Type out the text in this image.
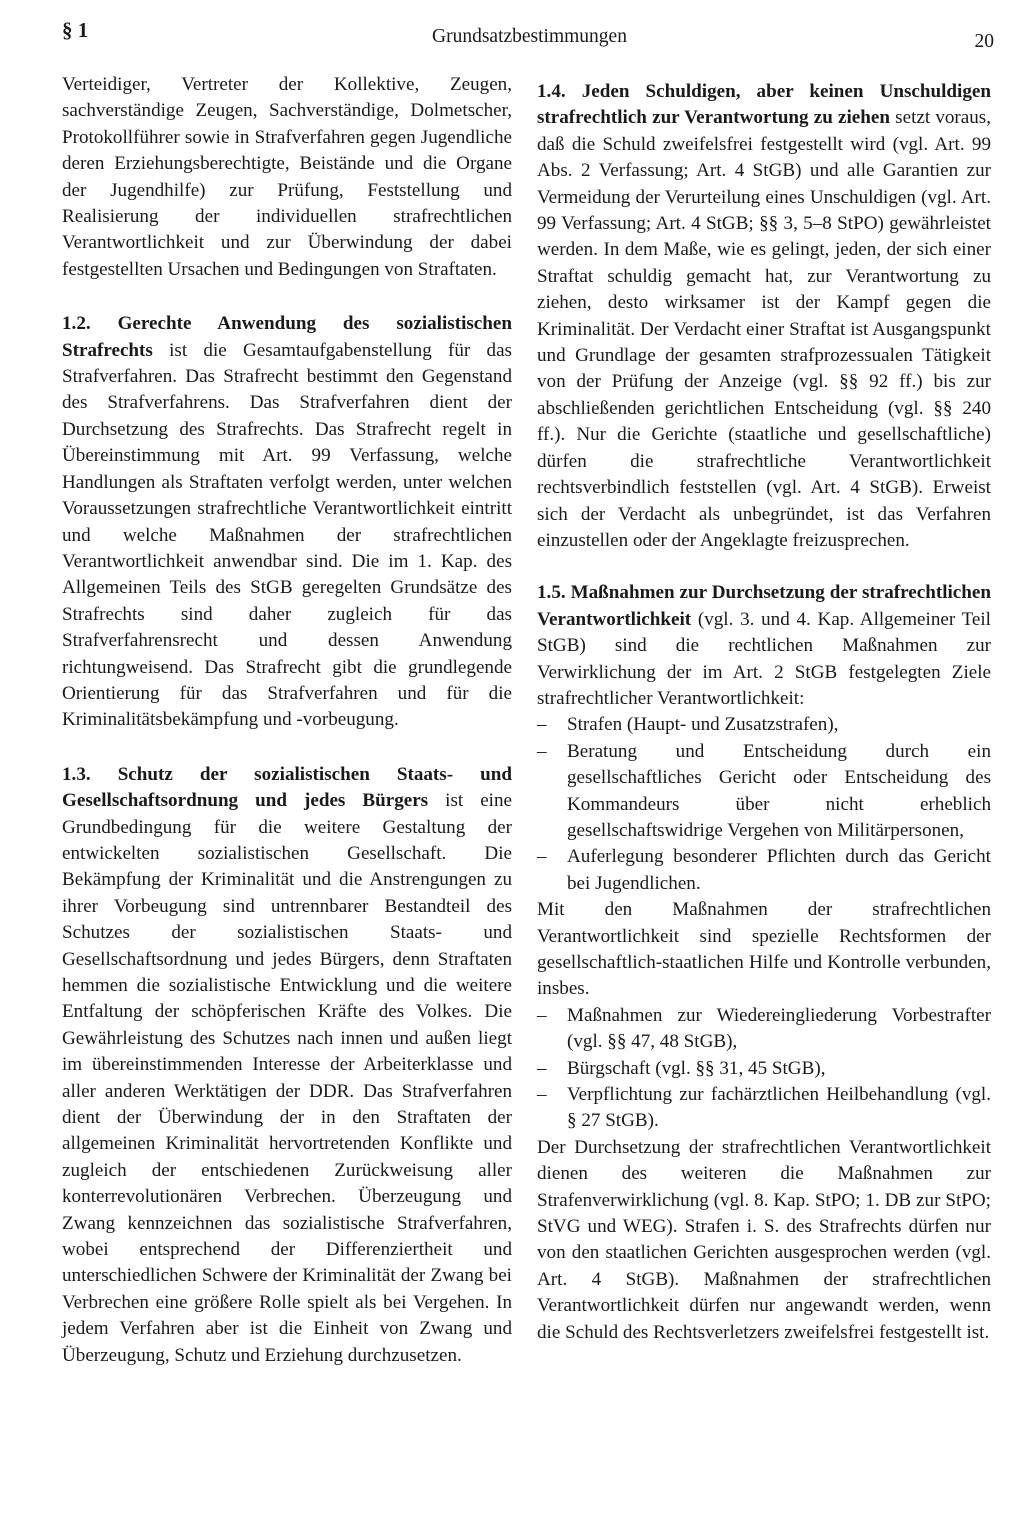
§ 1	Grundsatzbestimmungen	20

Verteidiger, Vertreter der Kollektive, Zeugen, sachverständige Zeugen, Sachverständige, Dolmetscher, Protokollführer sowie in Strafverfahren gegen Jugendliche deren Erziehungsberechtigte, Beistände und die Organe der Jugendhilfe) zur Prüfung, Feststellung und Realisierung der individuellen strafrechtlichen Verantwortlichkeit und zur Überwindung der dabei festgestellten Ursachen und Bedingungen von Straftaten.

1.2. Gerechte Anwendung des sozialistischen Strafrechts ist die Gesamtaufgabenstellung für das Strafverfahren. Das Strafrecht bestimmt den Gegenstand des Strafverfahrens. Das Strafverfahren dient der Durchsetzung des Strafrechts. Das Strafrecht regelt in Übereinstimmung mit Art. 99 Verfassung, welche Handlungen als Straftaten verfolgt werden, unter welchen Voraussetzungen strafrechtliche Verantwortlichkeit eintritt und welche Maßnahmen der strafrechtlichen Verantwortlichkeit anwendbar sind. Die im 1. Kap. des Allgemeinen Teils des StGB geregelten Grundsätze des Strafrechts sind daher zugleich für das Strafverfahrensrecht und dessen Anwendung richtungweisend. Das Strafrecht gibt die grundlegende Orientierung für das Strafverfahren und für die Kriminalitätsbekämpfung und -vorbeugung.

1.3. Schutz der sozialistischen Staats- und Gesellschaftsordnung und jedes Bürgers ist eine Grundbedingung für die weitere Gestaltung der entwickelten sozialistischen Gesellschaft. Die Bekämpfung der Kriminalität und die Anstrengungen zu ihrer Vorbeugung sind untrennbarer Bestandteil des Schutzes der sozialistischen Staats- und Gesellschaftsordnung und jedes Bürgers, denn Straftaten hemmen die sozialistische Entwicklung und die weitere Entfaltung der schöpferischen Kräfte des Volkes. Die Gewährleistung des Schutzes nach innen und außen liegt im übereinstimmenden Interesse der Arbeiterklasse und aller anderen Werktätigen der DDR. Das Strafverfahren dient der Überwindung der in den Straftaten der allgemeinen Kriminalität hervortretenden Konflikte und zugleich der entschiedenen Zurückweisung aller konterrevolutionären Verbrechen. Überzeugung und Zwang kennzeichnen das sozialistische Strafverfahren, wobei entsprechend der Differenziertheit und unterschiedlichen Schwere der Kriminalität der Zwang bei Verbrechen eine größere Rolle spielt als bei Vergehen. In jedem Verfahren aber ist die Einheit von Zwang und Überzeugung, Schutz und Erziehung durchzusetzen.

1.4. Jeden Schuldigen, aber keinen Unschuldigen strafrechtlich zur Verantwortung zu ziehen setzt voraus, daß die Schuld zweifelsfrei festgestellt wird (vgl. Art. 99 Abs. 2 Verfassung; Art. 4 StGB) und alle Garantien zur Vermeidung der Verurteilung eines Unschuldigen (vgl. Art. 99 Verfassung; Art. 4 StGB; §§ 3, 5–8 StPO) gewährleistet werden. In dem Maße, wie es gelingt, jeden, der sich einer Straftat schuldig gemacht hat, zur Verantwortung zu ziehen, desto wirksamer ist der Kampf gegen die Kriminalität. Der Verdacht einer Straftat ist Ausgangspunkt und Grundlage der gesamten strafprozessualen Tätigkeit von der Prüfung der Anzeige (vgl. §§ 92 ff.) bis zur abschließenden gerichtlichen Entscheidung (vgl. §§ 240 ff.). Nur die Gerichte (staatliche und gesellschaftliche) dürfen die strafrechtliche Verantwortlichkeit rechtsverbindlich feststellen (vgl. Art. 4 StGB). Erweist sich der Verdacht als unbegründet, ist das Verfahren einzustellen oder der Angeklagte freizusprechen.

1.5. Maßnahmen zur Durchsetzung der strafrechtlichen Verantwortlichkeit (vgl. 3. und 4. Kap. Allgemeiner Teil StGB) sind die rechtlichen Maßnahmen zur Verwirklichung der im Art. 2 StGB festgelegten Ziele strafrechtlicher Verantwortlichkeit:

– Strafen (Haupt- und Zusatzstrafen),
– Beratung und Entscheidung durch ein gesellschaftliches Gericht oder Entscheidung des Kommandeurs über nicht erheblich gesellschaftswidrige Vergehen von Militärpersonen,
– Auferlegung besonderer Pflichten durch das Gericht bei Jugendlichen.

Mit den Maßnahmen der strafrechtlichen Verantwortlichkeit sind spezielle Rechtsformen der gesellschaftlich-staatlichen Hilfe und Kontrolle verbunden, insbes.

– Maßnahmen zur Wiedereingliederung Vorbestrafter (vgl. §§ 47, 48 StGB),
– Bürgschaft (vgl. §§ 31, 45 StGB),
– Verpflichtung zur fachärztlichen Heilbehandlung (vgl. § 27 StGB).

Der Durchsetzung der strafrechtlichen Verantwortlichkeit dienen des weiteren die Maßnahmen zur Strafenverwirklichung (vgl. 8. Kap. StPO; 1. DB zur StPO; StVG und WEG). Strafen i. S. des Strafrechts dürfen nur von den staatlichen Gerichten ausgesprochen werden (vgl. Art. 4 StGB). Maßnahmen der strafrechtlichen Verantwortlichkeit dürfen nur angewandt werden, wenn die Schuld des Rechtsverletzers zweifelsfrei festgestellt ist.
